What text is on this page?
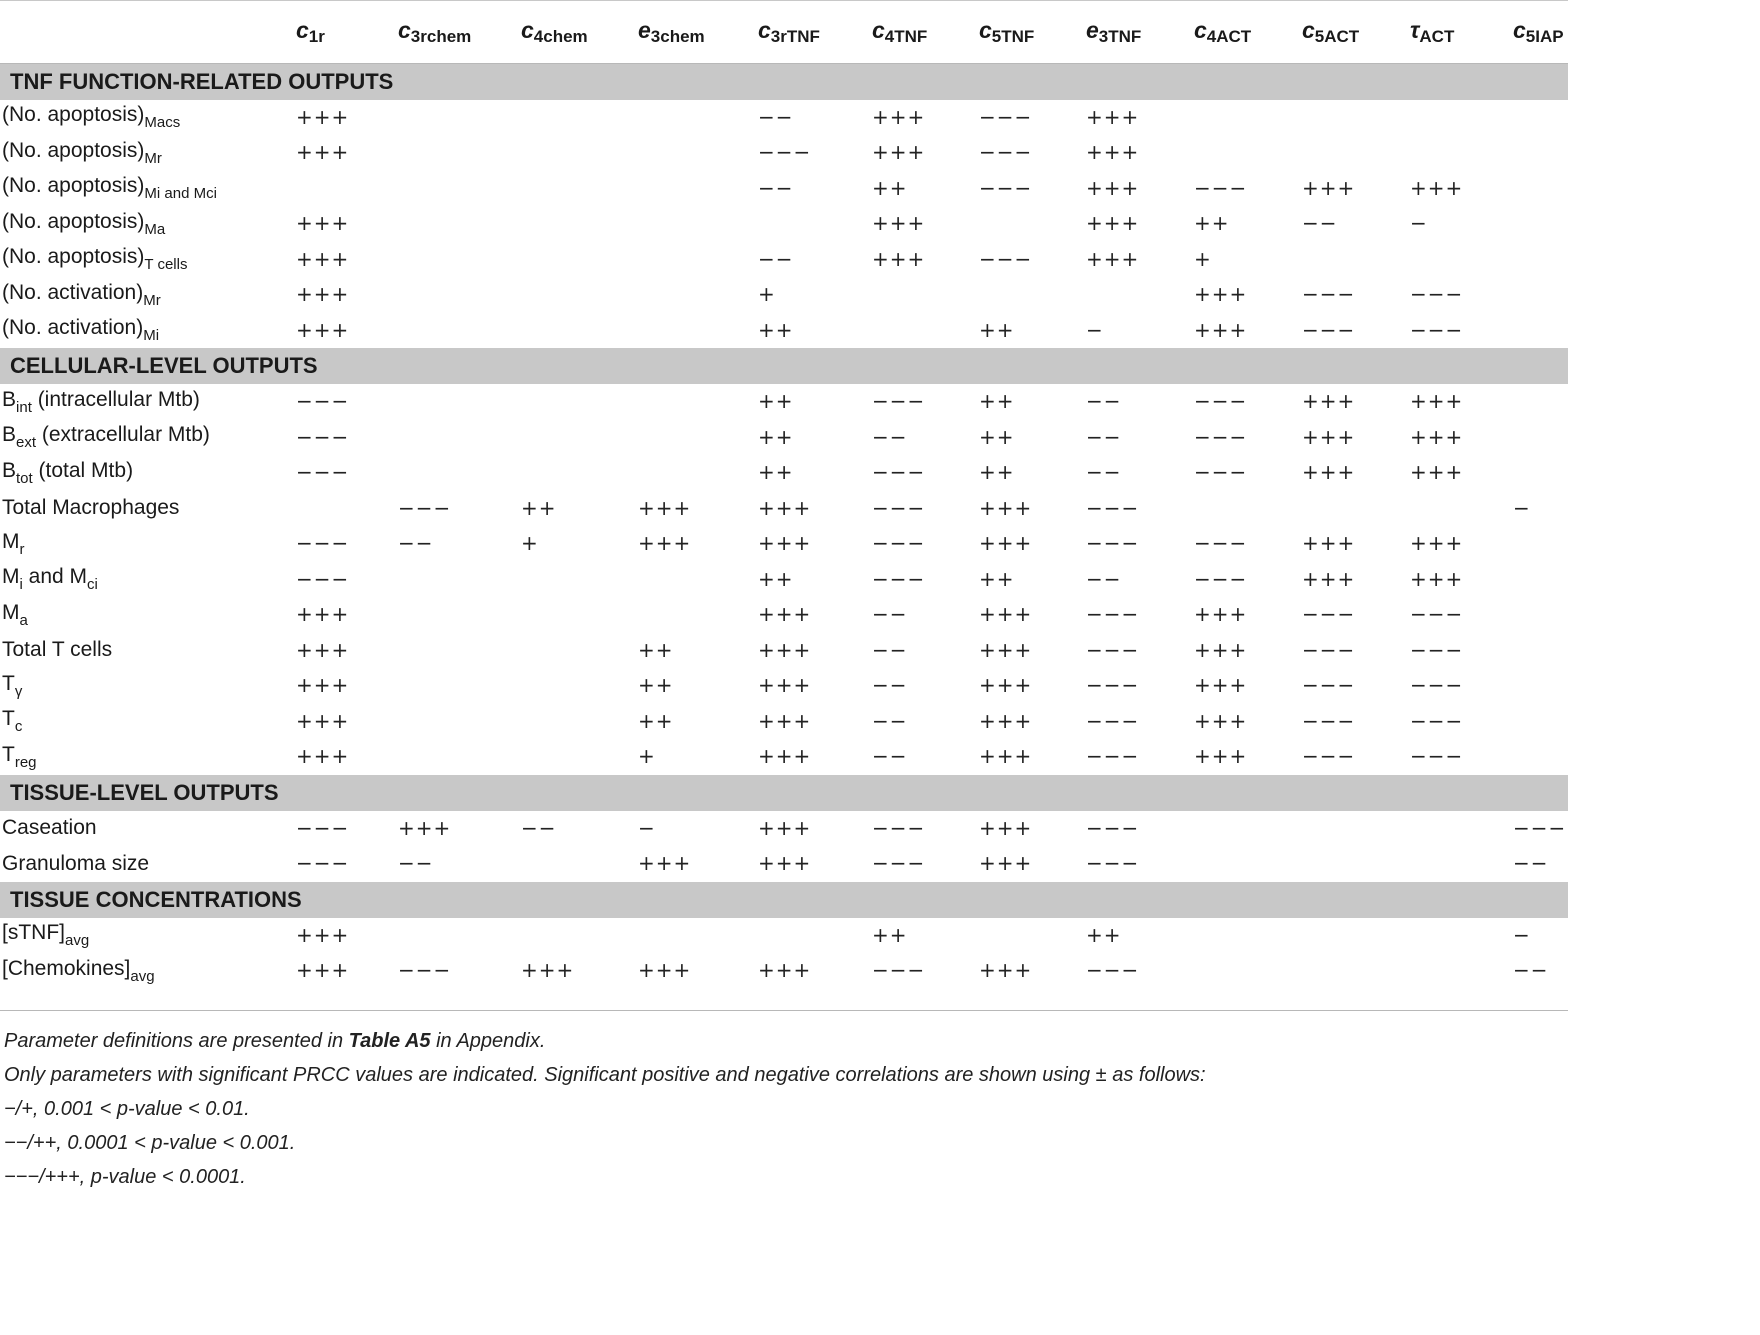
	$c_{1r}$	$c_{3rchem}$	$c_{4chem}$	$e_{3chem}$	$c_{3rTNF}$	$c_{4TNF}$	$c_{5TNF}$	$e_{3TNF}$	$c_{4ACT}$	$c_{5ACT}$	$\tau_{ACT}$	$c_{5IAP}$
TNF FUNCTION-RELATED OUTPUTS												
(No. $apoptosis)_{Macs}$	+++				−−	+++	−−−	+++				
(No. $apoptosis)_{Mr}$	+++				−−−	+++	−−−	+++				
(No. $apoptosis)_{Mi and Mci}$					−−	++	−−−	+++	−−−	+++	+++	
(No. $apoptosis)_{Ma}$	+++					+++		+++	++	−−	−	
(No. $apoptosis)_{T cells}$	+++				−−	+++	−−−	+++	+			
(No. $activation)_{Mr}$	+++				+				+++	−−−	−−−	
(No. $activation)_{Mi}$	+++				++		++	−	+++	−−−	−−−	
CELLULAR-LEVEL OUTPUTS												
$B_{int}$ (intracellular Mtb)	−−−				++	−−−	++	−−	−−−	+++	+++	
$B_{ext}$ (extracellular Mtb)	−−−				++	−−	++	−−	−−−	+++	+++	
$B_{tot}$ (total Mtb)	−−−				++	−−−	++	−−	−−−	+++	+++	
Total Macrophages		−−−	++	+++	+++	−−−	+++	−−−				−
$M_r$	−−−	−−	+	+++	+++	−−−	+++	−−−	−−−	+++	+++	
$M_i$ and $M_{ci}$	−−−				++	−−−	++	−−	−−−	+++	+++	
$M_a$	+++				+++	−−	+++	−−−	+++	−−−	−−−	
Total T cells	+++			++	+++	−−	+++	−−−	+++	−−−	−−−	
$T_\gamma$	+++			++	+++	−−	+++	−−−	+++	−−−	−−−	
$T_c$	+++			++	+++	−−	+++	−−−	+++	−−−	−−−	
$T_{reg}$	+++			+	+++	−−	+++	−−−	+++	−−−	−−−	
TISSUE-LEVEL OUTPUTS												
Caseation	−−−	+++	−−	−	+++	−−−	+++	−−−				−−−
Granuloma size	−−−	−−		+++	+++	−−−	+++	−−−				−−
TISSUE CONCENTRATIONS												
$[sTNF]_{avg}$	+++					++		++				−
$[Chemokines]_{avg}$	+++	−−−	+++	+++	+++	−−−	+++	−−−				−−
Parameter definitions are presented in Table A5 in Appendix.
Only parameters with significant PRCC values are indicated. Significant positive and negative correlations are shown using ± as follows:
−/+, 0.001 < p-value < 0.01.
−−/++, 0.0001 < p-value < 0.001.
−−−/+++, p-value < 0.0001.
